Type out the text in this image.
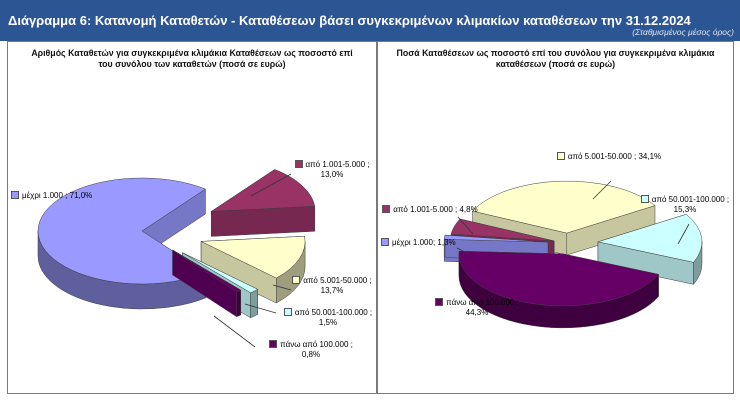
Διάγραμμα 6: Κατανομή Καταθετών - Καταθέσεων βάσει συγκεκριμένων κλιμακίων καταθέσεων την 31.12.2024
(Σταθμισμένος μέσος όρος)
Αριθμός Καταθετών για συγκεκριμένα κλιμάκια Καταθέσεων ως ποσοστό επί του συνόλου των καταθετών (ποσά σε ευρώ)
μέχρι 1.000 ; 71,0%
από 1.001-5.000 ; 13,0%
από 5.001-50.000 ; 13,7%
από 50.001-100.000 ; 1,5%
πάνω από 100.000 ; 0,8%
Ποσά Καταθέσεων ως ποσοστό επί του συνόλου για συγκεκριμένα κλιμάκια καταθέσεων (ποσά σε ευρώ)
από 5.001-50.000 ; 34,1%
από 50.001-100.000 ; 15,3%
από 1.001-5.000 ; 4,8%
μέχρι 1.000; 1,3%
πάνω από 100.000 ; 44,3%
